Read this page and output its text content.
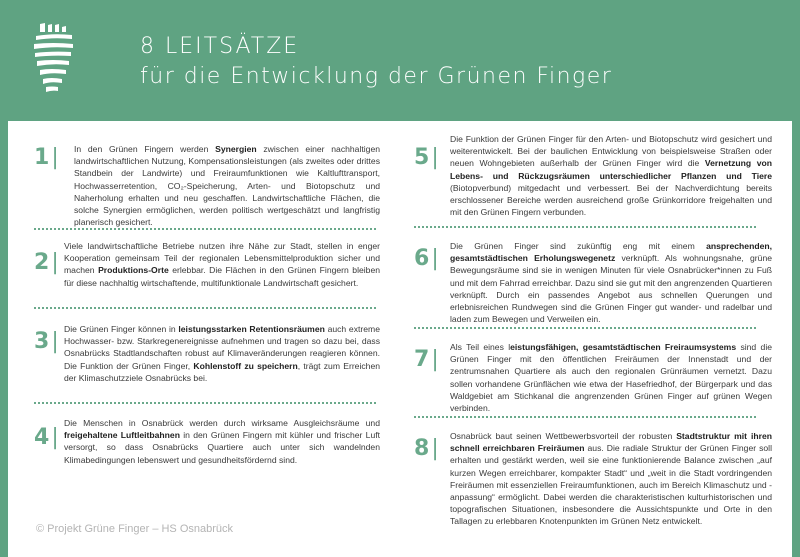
8 LEITSÄTZE
für die Entwicklung der Grünen Finger
1| In den Grünen Fingern werden Synergien zwischen einer nachhaltigen landwirtschaftlichen Nutzung, Kompensationsleistungen (als zweites oder drittes Standbein der Landwirte) und Freiraumfunktionen wie Kaltlufttransport, Hochwasserretention, CO₂-Speicherung, Arten- und Biotopschutz und Naherholung erhalten und neu geschaffen. Landwirtschaftliche Flächen, die solche Synergien ermöglichen, werden politisch wertgeschätzt und langfristig planerisch gesichert.
2|
Viele landwirtschaftliche Betriebe nutzen ihre Nähe zur Stadt, stellen in enger Kooperation gemeinsam Teil der regionalen Lebensmittelproduktion sicher und machen Produktions-Orte erlebbar. Die Flächen in den Grünen Fingern bleiben für diese nachhaltig wirtschaftende, multifunktionale Landwirtschaft gesichert.
3| Die Grünen Finger können in leistungsstarken Retentionsräumen auch extreme Hochwasser- bzw. Starkregenereignisse aufnehmen und tragen so dazu bei, dass Osnabrücks Stadtlandschaften robust auf Klimaveränderungen reagieren können. Die Funktion der Grünen Finger, Kohlenstoff zu speichern, trägt zum Erreichen der Klimaschutzziele Osnabrücks bei.
4|
Die Menschen in Osnabrück werden durch wirksame Ausgleichsräume und freigehaltene Luftleitbahnen in den Grünen Fingern mit kühler und frischer Luft versorgt, so dass Osnabrücks Quartiere auch unter sich wandelnden Klimabedingungen lebenswert und gesundheitsfördernd sind.
5|
Die Funktion der Grünen Finger für den Arten- und Biotopschutz wird gesichert und weiterentwickelt. Bei der baulichen Entwicklung von beispielsweise Straßen oder neuen Wohngebieten außerhalb der Grünen Finger wird die Vernetzung von Lebens- und Rückzugsräumen unterschiedlicher Pflanzen und Tiere (Biotopverbund) mitgedacht und verbessert. Bei der Nachverdichtung bereits erschlossener Bereiche werden ausreichend große Grünkorridore freigehalten und mit den Grünen Fingern verbunden.
6| Die Grünen Finger sind zukünftig eng mit einem ansprechenden, gesamtstädtischen Erholungswegenetz verknüpft. Als wohnungsnahe, grüne Bewegungsräume sind sie in wenigen Minuten für viele Osnabrücker*innen zu Fuß und mit dem Fahrrad erreichbar. Dazu sind sie gut mit den angrenzenden Quartieren verknüpft. Durch ein passendes Angebot aus schnellen Querungen und erlebnisreichen Rundwegen sind die Grünen Finger gut wander- und radelbar und laden zum Bewegen und Verweilen ein.
7| Als Teil eines leistungsfähigen, gesamtstädtischen Freiraumsystems sind die Grünen Finger mit den öffentlichen Freiräumen der Innenstadt und der zentrumsnahen Quartiere als auch den regionalen Grünräumen vernetzt. Dazu sollen vorhandene Grünflächen wie etwa der Hasefriedhof, der Bürgerpark und das Waldgebiet am Stichkanal die angrenzenden Grünen Finger auf grünen Wegen verbinden.
8| Osnabrück baut seinen Wettbewerbsvorteil der robusten Stadtstruktur mit ihren schnell erreichbaren Freiräumen aus. Die radiale Struktur der Grünen Finger soll erhalten und gestärkt werden, weil sie eine funktionierende Balance zwischen „auf kurzen Wegen erreichbarer, kompakter Stadt“ und „weit in die Stadt vordringenden Freiräumen mit essenziellen Freiraumfunktionen, auch im Bereich Klimaschutz und -anpassung“ ermöglicht. Dabei werden die charakteristischen kulturhistorischen und topografischen Situationen, insbesondere die Aussichtspunkte und Orte in den Tallagen zu erlebbaren Knotenpunkten im Grünen Netz entwickelt.
© Projekt Grüne Finger – HS Osnabrück
